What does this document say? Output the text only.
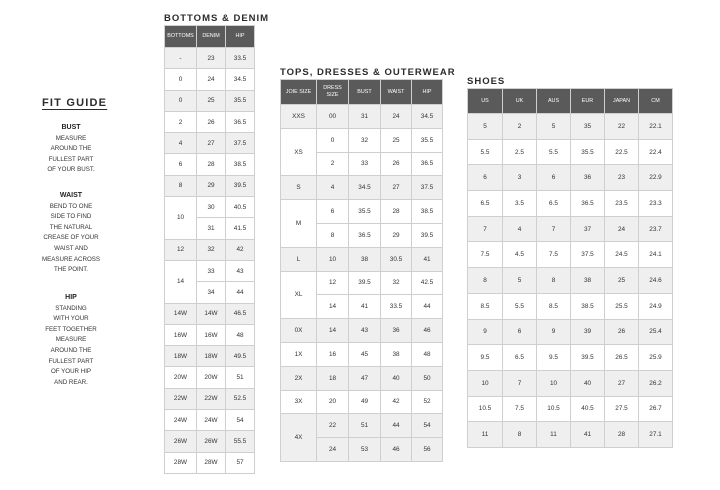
FIT GUIDE
BUST
MEASURE
AROUND THE
FULLEST PART
OF YOUR BUST.
WAIST
BEND TO ONE
SIDE TO FIND
THE NATURAL
CREASE OF YOUR
WAIST AND
MEASURE ACROSS
THE POINT.
HIP
STANDING
WITH YOUR
FEET TOGETHER
MEASURE
AROUND THE
FULLEST PART
OF YOUR HIP
AND REAR.
BOTTOMS & DENIM
BOTTOMS	DENIM	HIP
-	23	33.5
0	24	34.5
0	25	35.5
2	26	36.5
4	27	37.5
6	28	38.5
8	29	39.5
10	30	40.5
	31	41.5
12	32	42
14	33	43
	34	44
14W	14W	46.5
16W	16W	48
18W	18W	49.5
20W	20W	51
22W	22W	52.5
24W	24W	54
26W	26W	55.5
28W	28W	57
TOPS, DRESSES & OUTERWEAR
JOIE SIZE	DRESS SIZE	BUST	WAIST	HIP
XXS	00	31	24	34.5
XS	0	32	25	35.5
	2	33	26	36.5
S	4	34.5	27	37.5
M	6	35.5	28	38.5
	8	36.5	29	39.5
L	10	38	30.5	41
XL	12	39.5	32	42.5
	14	41	33.5	44
0X	14	43	36	46
1X	16	45	38	48
2X	18	47	40	50
3X	20	49	42	52
4X	22	51	44	54
	24	53	46	56
SHOES
US	UK	AUS	EUR	JAPAN	CM
5	2	5	35	22	22.1
5.5	2.5	5.5	35.5	22.5	22.4
6	3	6	36	23	22.9
6.5	3.5	6.5	36.5	23.5	23.3
7	4	7	37	24	23.7
7.5	4.5	7.5	37.5	24.5	24.1
8	5	8	38	25	24.6
8.5	5.5	8.5	38.5	25.5	24.9
9	6	9	39	26	25.4
9.5	6.5	9.5	39.5	26.5	25.9
10	7	10	40	27	26.2
10.5	7.5	10.5	40.5	27.5	26.7
11	8	11	41	28	27.1
